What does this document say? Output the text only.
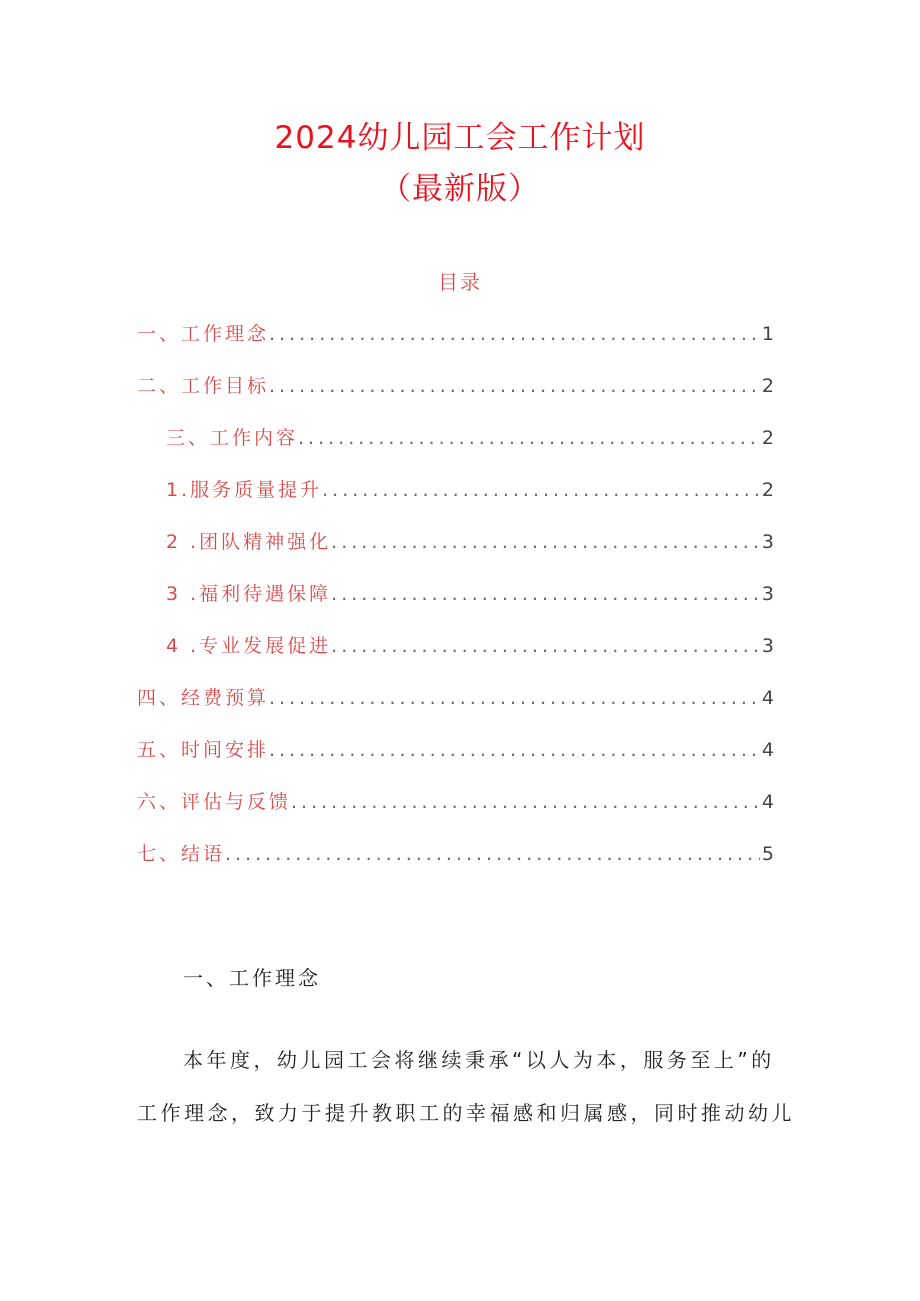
2024幼儿园工会工作计划
（最新版）
目录
一、工作理念 .....	1
二、工作目标 .....	2
三、工作内容 .....	2
1.服务质量提升 .....	2
2 .团队精神强化 .....	3
3 .福利待遇保障 .....	3
4 .专业发展促进 .....	3
四、经费预算 .....	4
五、时间安排 .....	4
六、评估与反馈 .....	4
七、结语 .....	5
一、工作理念
本年度，幼儿园工会将继续秉承“以人为本，服务至上”的
工作理念，致力于提升教职工的幸福感和归属感，同时推动幼儿
